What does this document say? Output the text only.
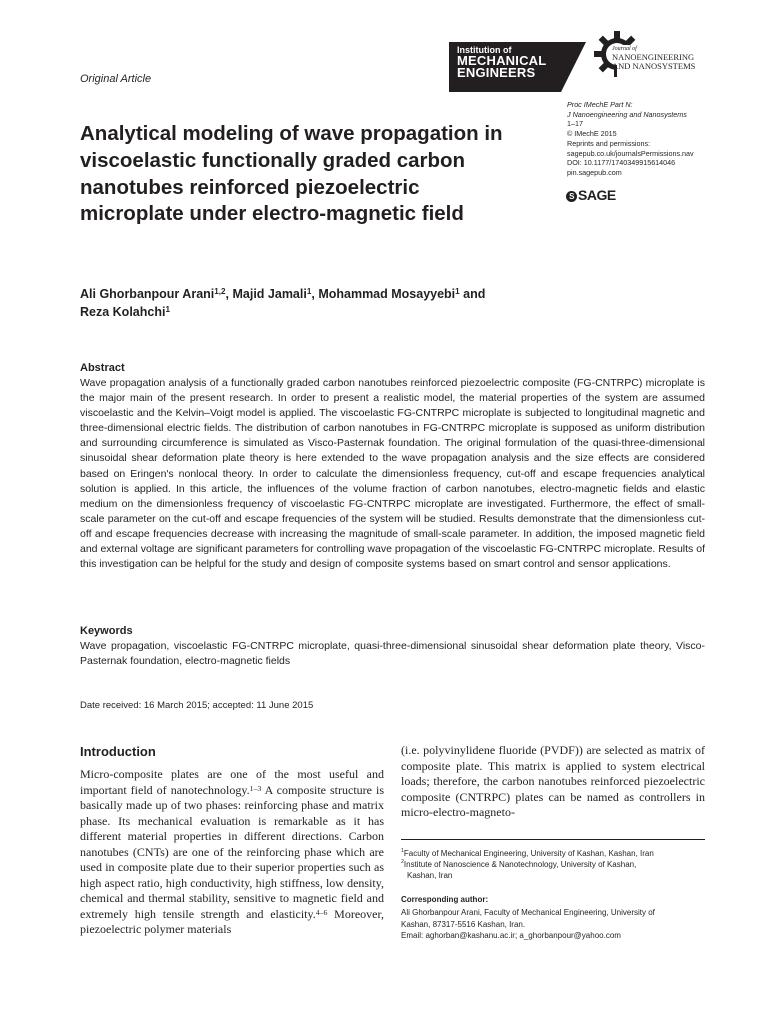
Institution of
MECHANICAL
ENGINEERS
Journal of
NANOENGINEERING
AND NANOSYSTEMS
Original Article
Analytical modeling of wave propagation in viscoelastic functionally graded carbon nanotubes reinforced piezoelectric microplate under electro-magnetic field
Proc IMechE Part N:
J Nanoengineering and Nanosystems
1–17
© IMechE 2015
Reprints and permissions:
sagepub.co.uk/journalsPermissions.nav
DOI: 10.1177/1740349915614046
pin.sagepub.com
S SAGE
Ali Ghorbanpour Arani$^{1,2}$, Majid Jamali$^1$, Mohammad Mosayyebi$^1$ and
Reza Kolahchi$^1$
Abstract
Wave propagation analysis of a functionally graded carbon nanotubes reinforced piezoelectric composite (FG-CNTRPC) microplate is the major main of the present research. In order to present a realistic model, the material properties of the system are assumed viscoelastic and the Kelvin–Voigt model is applied. The viscoelastic FG-CNTRPC microplate is subjected to longitudinal magnetic and three-dimensional electric fields. The distribution of carbon nanotubes in FG-CNTRPC microplate is supposed as uniform distribution and surrounding circumference is simulated as Visco-Pasternak foundation. The original formulation of the quasi-three-dimensional sinusoidal shear deformation plate theory is here extended to the wave propagation analysis and the size effects are considered based on Eringen's nonlocal theory. In order to calculate the dimensionless frequency, cut-off and escape frequencies analytical solution is applied. In this article, the influences of the volume fraction of carbon nanotubes, electro-magnetic fields and elastic medium on the dimensionless frequency of viscoelastic FG-CNTRPC microplate are investigated. Furthermore, the effect of small-scale parameter on the cut-off and escape frequencies of the system will be studied. Results demonstrate that the dimensionless cut-off and escape frequencies decrease with increasing the magnitude of small-scale parameter. In addition, the imposed magnetic field and external voltage are significant parameters for controlling wave propagation of the viscoelastic FG-CNTRPC microplate. Results of this investigation can be helpful for the study and design of composite systems based on smart control and sensor applications.
Keywords
Wave propagation, viscoelastic FG-CNTRPC microplate, quasi-three-dimensional sinusoidal shear deformation plate theory, Visco-Pasternak foundation, electro-magnetic fields
Date received: 16 March 2015; accepted: 11 June 2015
Introduction
Micro-composite plates are one of the most useful and important field of nanotechnology.$^{1-3}$ A composite structure is basically made up of two phases: reinforcing phase and matrix phase. Its mechanical evaluation is remarkable as it has different material properties in different directions. Carbon nanotubes (CNTs) are one of the reinforcing phase which are used in composite plate due to their superior properties such as high aspect ratio, high conductivity, high stiffness, low density, chemical and thermal stability, sensitive to magnetic field and extremely high tensile strength and elasticity.$^{4-6}$ Moreover, piezoelectric polymer materials
(i.e. polyvinylidene fluoride (PVDF)) are selected as matrix of composite plate. This matrix is applied to system electrical loads; therefore, the carbon nanotubes reinforced piezoelectric composite (CNTRPC) plates can be named as controllers in micro-electro-magneto-
$^1$Faculty of Mechanical Engineering, University of Kashan, Kashan, Iran
$^2$Institute of Nanoscience & Nanotechnology, University of Kashan,
Kashan, Iran
Corresponding author:
Ali Ghorbanpour Arani, Faculty of Mechanical Engineering, University of
Kashan, 87317-5516 Kashan, Iran.
Email: aghorban@kashanu.ac.ir; a_ghorbanpour@yahoo.com
